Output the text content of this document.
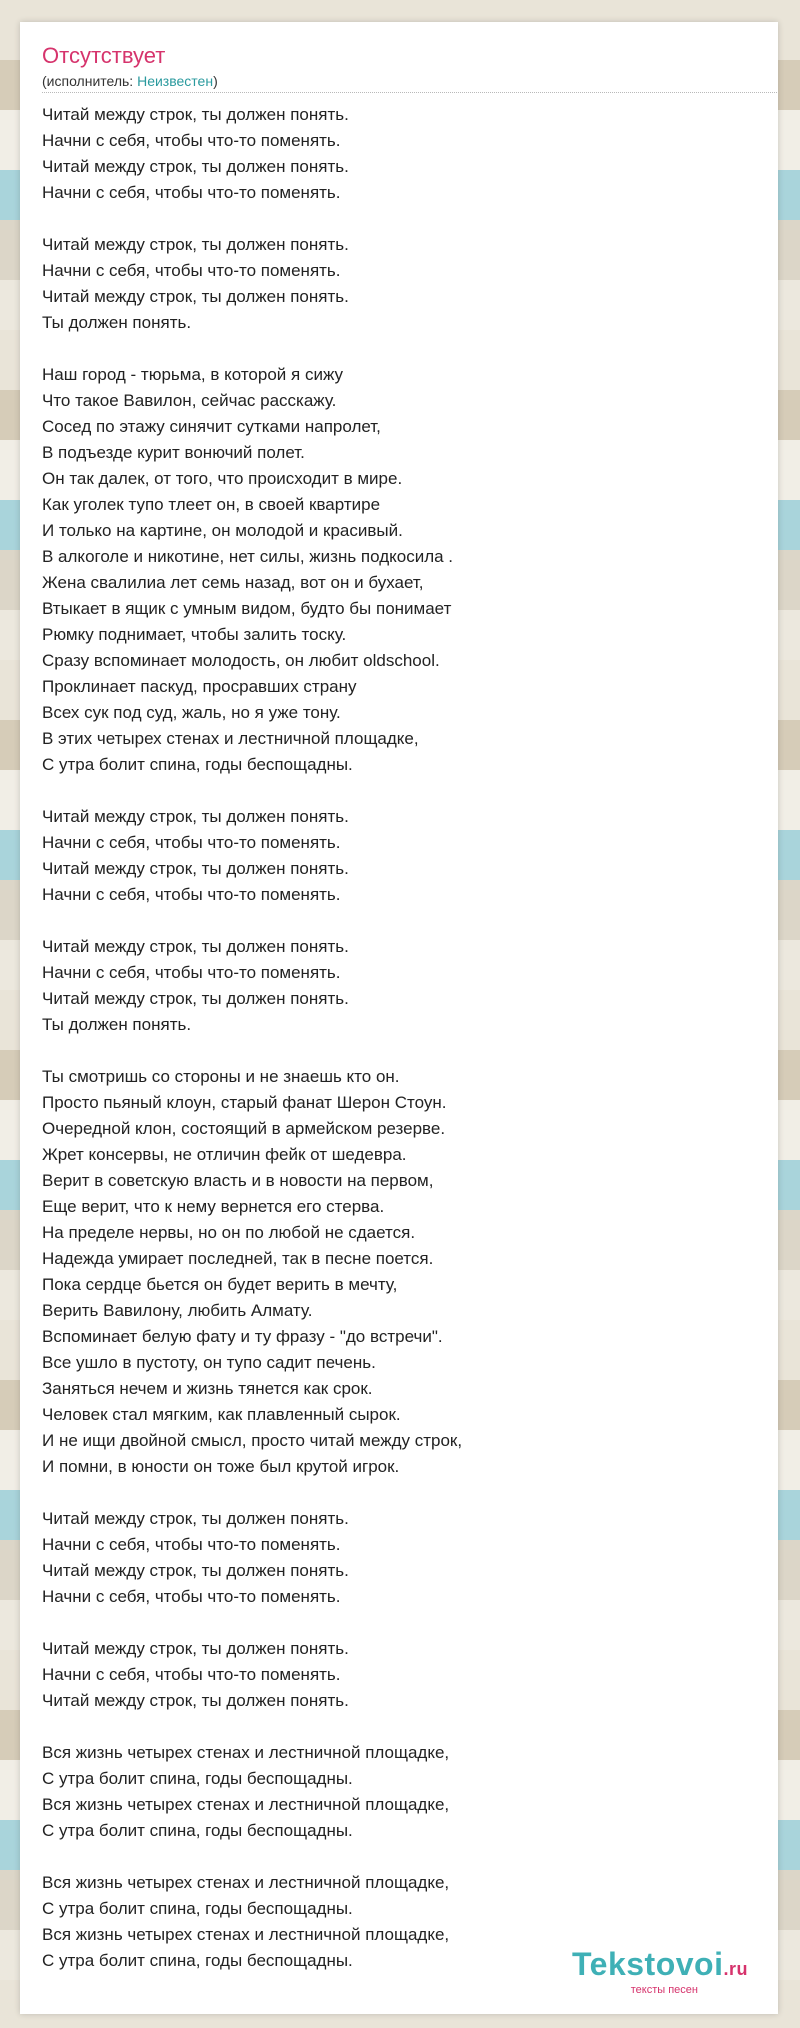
Отсутствует
(исполнитель: Неизвестен)
Читай между строк, ты должен понять.
Начни с себя, чтобы что-то поменять.
Читай между строк, ты должен понять.
Начни с себя, чтобы что-то поменять.
Читай между строк, ты должен понять.
Начни с себя, чтобы что-то поменять.
Читай между строк, ты должен понять.
Ты должен понять.
Наш город - тюрьма, в которой я сижу
Что такое Вавилон, сейчас расскажу.
Сосед по этажу синячит сутками напролет,
В подъезде курит вонючий полет.
Он так далек, от того, что происходит в мире.
Как уголек тупо тлеет он, в своей квартире
И только на картине, он молодой и красивый.
В алкоголе и никотине, нет силы, жизнь подкосила .
Жена свалилиа лет семь назад, вот он и бухает,
Втыкает в ящик с умным видом, будто бы понимает
Рюмку поднимает, чтобы залить тоску.
Сразу вспоминает молодость, он любит oldschool.
Проклинает паскуд, просравших страну
Всех сук под суд, жаль, но я уже тону.
В этих четырех стенах и лестничной площадке,
С утра болит спина, годы беспощадны.
Читай между строк, ты должен понять.
Начни с себя, чтобы что-то поменять.
Читай между строк, ты должен понять.
Начни с себя, чтобы что-то поменять.
Читай между строк, ты должен понять.
Начни с себя, чтобы что-то поменять.
Читай между строк, ты должен понять.
Ты должен понять.
Ты смотришь со стороны и не знаешь кто он.
Просто пьяный клоун, старый фанат Шерон Стоун.
Очередной клон, состоящий в армейском резерве.
Жрет консервы, не отличин фейк от шедевра.
Верит в советскую власть и в новости на первом,
Еще верит, что к нему вернется его стерва.
На пределе нервы, но он по любой не сдается.
Надежда умирает последней, так в песне поется.
Пока сердце бьется он будет верить в мечту,
Верить Вавилону, любить Алмату.
Вспоминает белую фату и ту фразу - "до встречи".
Все ушло в пустоту, он тупо садит печень.
Заняться нечем и жизнь тянется как срок.
Человек стал мягким, как плавленный сырок.
И не ищи двойной смысл, просто читай между строк,
И помни, в юности он тоже был крутой игрок.
Читай между строк, ты должен понять.
Начни с себя, чтобы что-то поменять.
Читай между строк, ты должен понять.
Начни с себя, чтобы что-то поменять.
Читай между строк, ты должен понять.
Начни с себя, чтобы что-то поменять.
Читай между строк, ты должен понять.
Вся жизнь четырех стенах и лестничной площадке,
С утра болит спина, годы беспощадны.
Вся жизнь четырех стенах и лестничной площадке,
С утра болит спина, годы беспощадны.
Вся жизнь четырех стенах и лестничной площадке,
С утра болит спина, годы беспощадны.
Вся жизнь четырех стенах и лестничной площадке,
С утра болит спина, годы беспощадны.	Tekstovoi.ru
тексты песен
